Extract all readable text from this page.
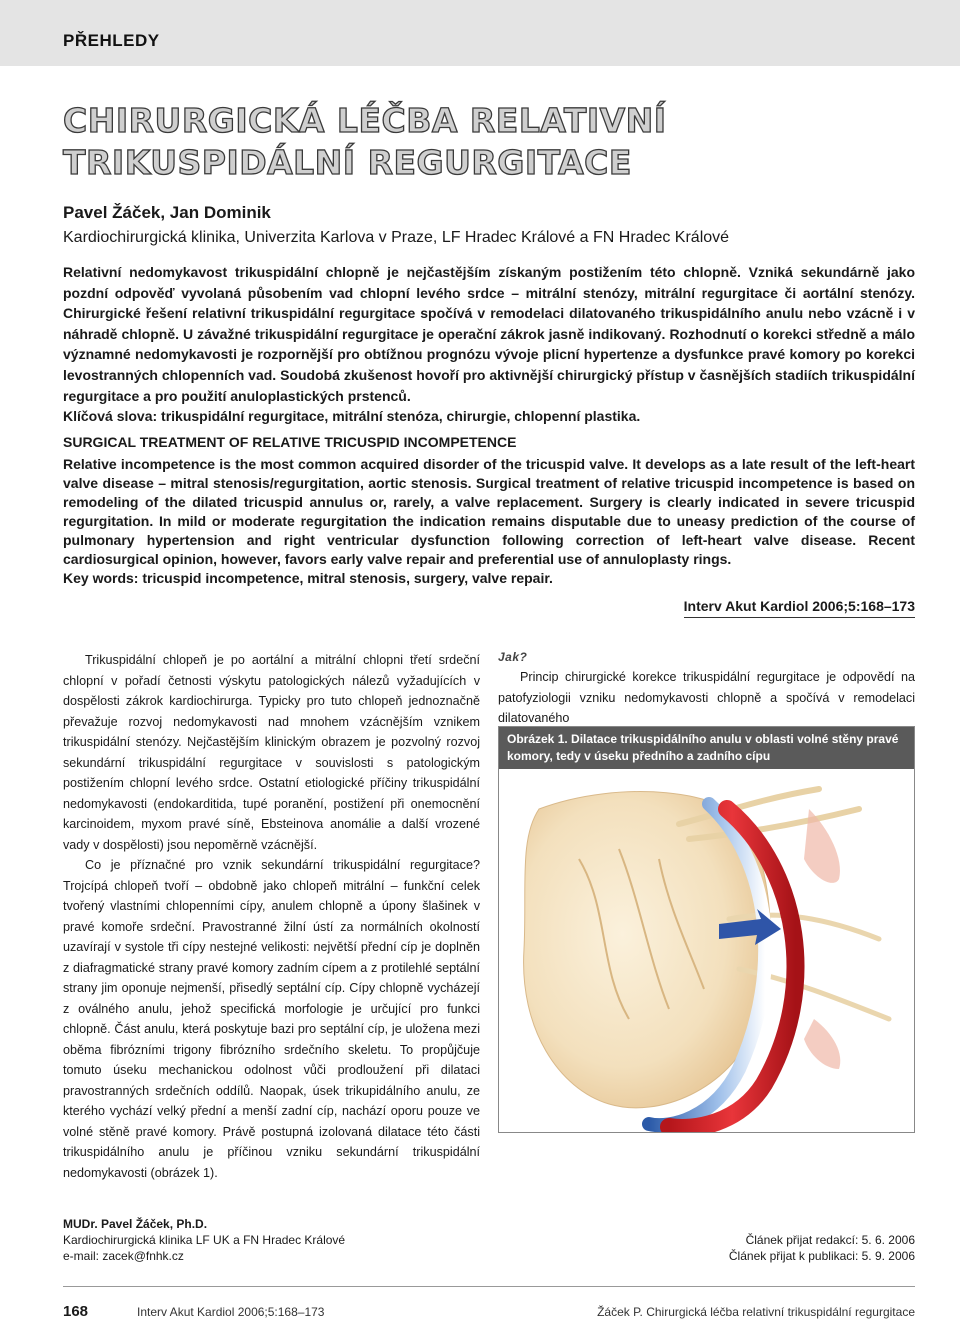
PŘEHLEDY
CHIRURGICKÁ LÉČBA RELATIVNÍ
TRIKUSPIDÁLNÍ REGURGITACE
Pavel Žáček, Jan Dominik
Kardiochirurgická klinika, Univerzita Karlova v Praze, LF Hradec Králové a FN Hradec Králové

Relativní nedomykavost trikuspidální chlopně je nejčastějším získaným postižením této chlopně. Vzniká sekundárně jako pozdní odpověď vyvolaná působením vad chlopní levého srdce – mitrální stenózy, mitrální regurgitace či aortální stenózy. Chirurgické řešení relativní trikuspidální regurgitace spočívá v remodelaci dilatovaného trikuspidálního anulu nebo vzácně i v náhradě chlopně. U závažné trikuspidální regurgitace je operační zákrok jasně indikovaný. Rozhodnutí o korekci středně a málo významné nedomykavosti je rozpornější pro obtížnou prognózu vývoje plicní hypertenze a dysfunkce pravé komory po korekci levostranných chlopenních vad. Soudobá zkušenost hovoří pro aktivnější chirurgický přístup v časnějších stadiích trikuspidální regurgitace a pro použití anuloplastických prstenců.

Klíčová slova: trikuspidální regurgitace, mitrální stenóza, chirurgie, chlopenní plastika.

SURGICAL TREATMENT OF RELATIVE TRICUSPID INCOMPETENCE

Relative incompetence is the most common acquired disorder of the tricuspid valve. It develops as a late result of the left-heart valve disease – mitral stenosis/regurgitation, aortic stenosis. Surgical treatment of relative tricuspid incompetence is based on remodeling of the dilated tricuspid annulus or, rarely, a valve replacement. Surgery is clearly indicated in severe tricuspid regurgitation. In mild or moderate regurgitation the indication remains disputable due to uneasy prediction of the course of pulmonary hypertension and right ventricular dysfunction following correction of left-heart valve disease. Recent cardiosurgical opinion, however, favors early valve repair and preferential use of annuloplasty rings.

Key words: tricuspid incompetence, mitral stenosis, surgery, valve repair.

Interv Akut Kardiol 2006;5:168–173

Trikuspidální chlopeň je po aortální a mitrální chlopni třetí srdeční chlopní v pořadí četnosti výskytu patologických nálezů vyžadujících v dospělosti zákrok kardiochirurga. Typicky pro tuto chlopeň jednoznačně převažuje rozvoj nedomykavosti nad mnohem vzácnějším vznikem trikuspidální stenózy. Nejčastějším klinickým obrazem je pozvolný rozvoj sekundární trikuspidální regurgitace v souvislosti s patologickým postižením chlopní levého srdce. Ostatní etiologické příčiny trikuspidální nedomykavosti (endokarditida, tupé poranění, postižení při onemocnění karcinoidem, myxom pravé síně, Ebsteinova anomálie a další vrozené vady v dospělosti) jsou nepoměrně vzácnější.

Co je příznačné pro vznik sekundární trikuspidální regurgitace? Trojcípá chlopeň tvoří – obdobně jako chlopeň mitrální – funkční celek tvořený vlastními chlopenními cípy, anulem chlopně a úpony šlašinek v pravé komoře srdeční. Pravostranné žilní ústí za normálních okolností uzavírají v systole tři cípy nestejné velikosti: největší přední cíp je doplněn z diafragmatické strany pravé komory zadním cípem a z protilehlé septální strany jim oponuje nejmenší, přisedlý septální cíp. Cípy chlopně vycházejí z oválného anulu, jehož specifická morfologie je určující pro funkci chlopně. Část anulu, která poskytuje bazi pro septální cíp, je uložena mezi oběma fibrózními trigony fibrózního srdečního skeletu. To propůjčuje tomuto úseku mechanickou odolnost vůči prodloužení při dilataci pravostranných srdečních oddílů. Naopak, úsek trikupidálního anulu, ze kterého vychází velký přední a menší zadní cíp, nachází oporu pouze ve volné stěně pravé komory. Právě postupná izolovaná dilatace této části trikuspidálního anulu je příčinou vzniku sekundární trikuspidální nedomykavosti (obrázek 1).

Jak?

Princip chirurgické korekce trikuspidální regurgitace je odpovědí na patofyziologii vzniku nedomykavosti chlopně a spočívá v remodelaci dilatovaného

Obrázek 1. Dilatace trikuspidálního anulu v oblasti volné stěny pravé komory, tedy v úseku předního a zadního cípu
MUDr. Pavel Žáček, Ph.D.
Kardiochirurgická klinika LF UK a FN Hradec Králové
e-mail: zacek@fnhk.cz
Článek přijat redakcí: 5. 6. 2006
Článek přijat k publikaci: 5. 9. 2006
168	Interv Akut Kardiol 2006;5:168–173	Žáček P. Chirurgická léčba relativní trikuspidální regurgitace
